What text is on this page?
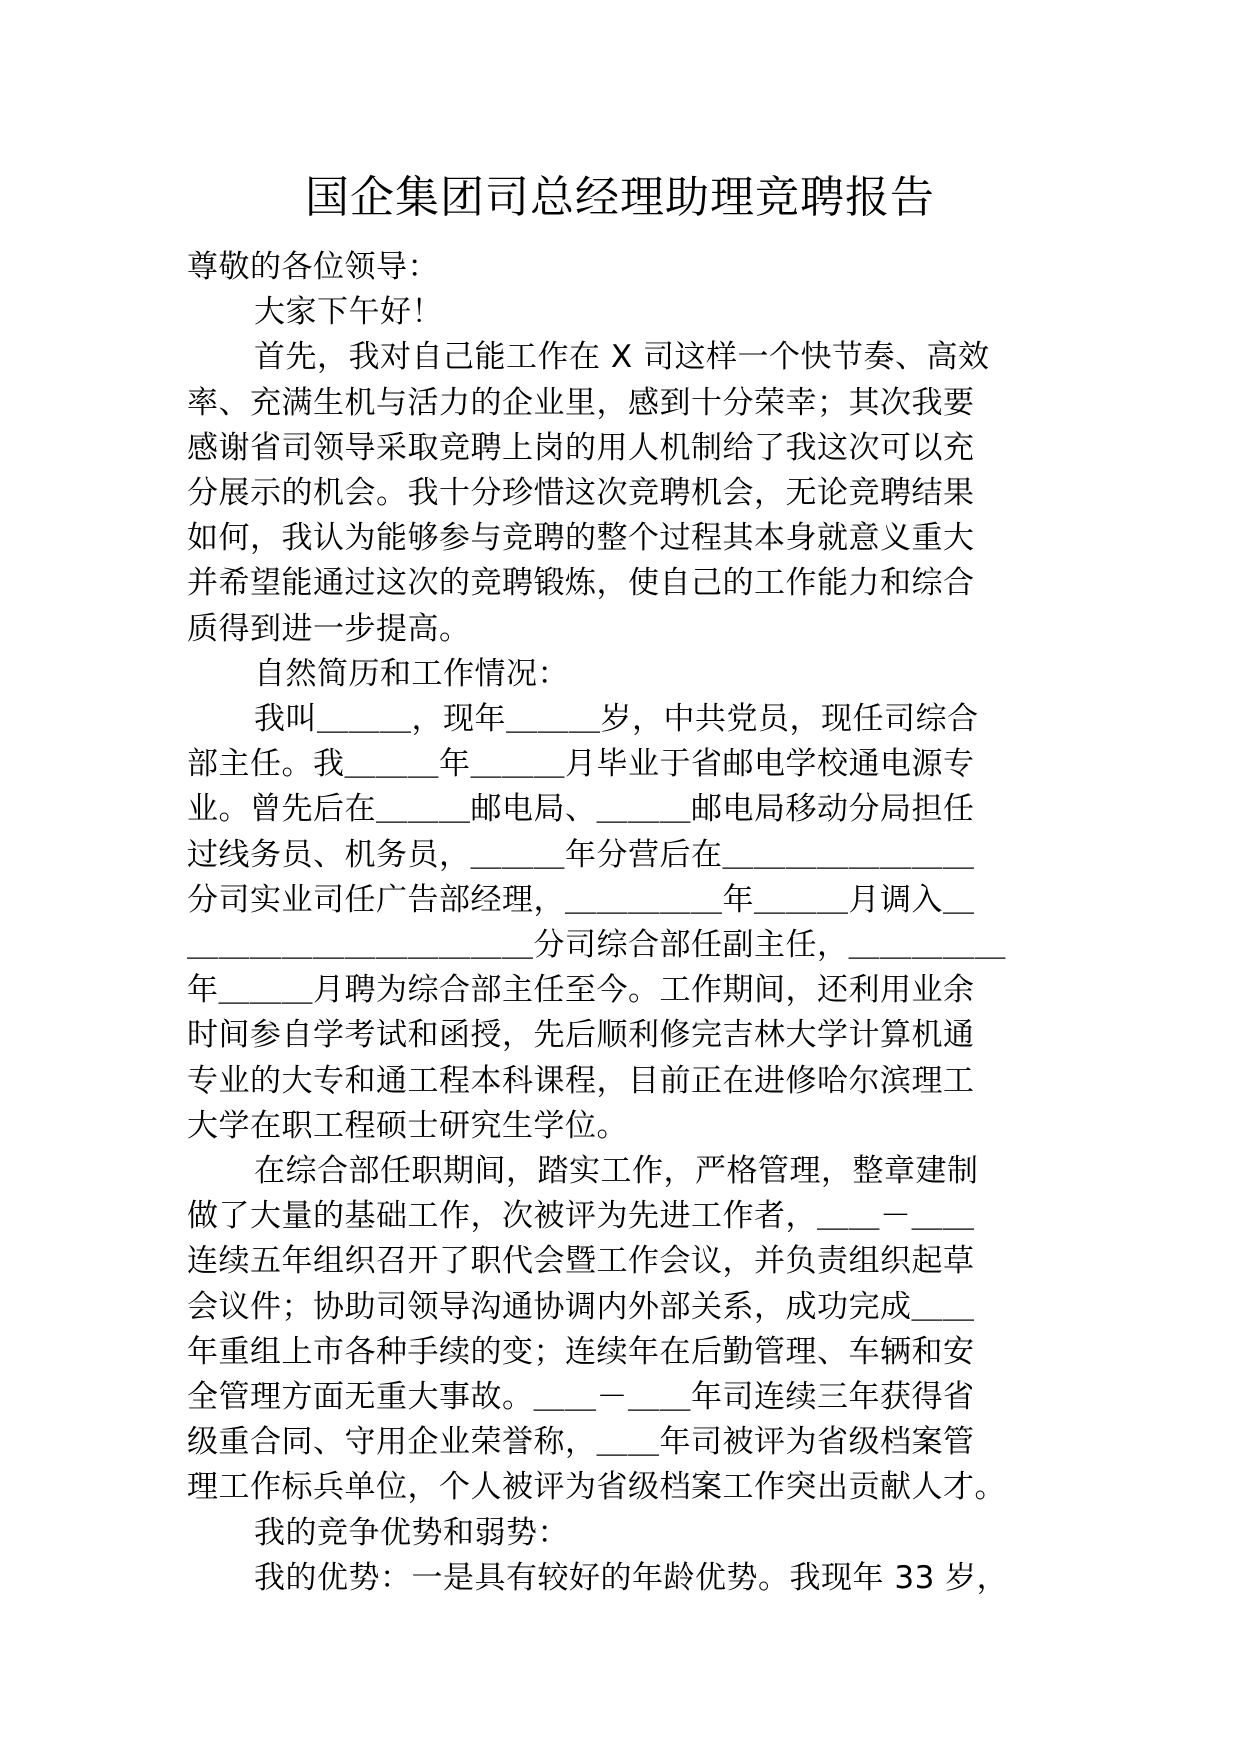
国企集团司总经理助理竞聘报告
尊敬的各位领导：
大家下午好！
首先，我对自己能工作在 X 司这样一个快节奏、高效
率、充满生机与活力的企业里，感到十分荣幸；其次我要
感谢省司领导采取竞聘上岗的用人机制给了我这次可以充
分展示的机会。我十分珍惜这次竞聘机会，无论竞聘结果
如何，我认为能够参与竞聘的整个过程其本身就意义重大
并希望能通过这次的竞聘锻炼，使自己的工作能力和综合
质得到进一步提高。
自然简历和工作情况：
我叫＿＿＿，现年＿＿＿岁，中共党员，现任司综合
部主任。我＿＿＿年＿＿＿月毕业于省邮电学校通电源专
业。曾先后在＿＿＿邮电局、＿＿＿邮电局移动分局担任
过线务员、机务员，＿＿＿年分营后在＿＿＿＿＿＿＿＿
分司实业司任广告部经理，＿＿＿＿＿年＿＿＿月调入＿
＿＿＿＿＿＿＿＿＿＿＿分司综合部任副主任，＿＿＿＿＿
年＿＿＿月聘为综合部主任至今。工作期间，还利用业余
时间参自学考试和函授，先后顺利修完吉林大学计算机通
专业的大专和通工程本科课程，目前正在进修哈尔滨理工
大学在职工程硕士研究生学位。
在综合部任职期间，踏实工作，严格管理，整章建制
做了大量的基础工作，次被评为先进工作者，＿＿－＿＿
连续五年组织召开了职代会暨工作会议，并负责组织起草
会议件；协助司领导沟通协调内外部关系，成功完成＿＿
年重组上市各种手续的变；连续年在后勤管理、车辆和安
全管理方面无重大事故。＿＿－＿＿年司连续三年获得省
级重合同、守用企业荣誉称，＿＿年司被评为省级档案管
理工作标兵单位，个人被评为省级档案工作突出贡献人才。
我的竞争优势和弱势：
我的优势：一是具有较好的年龄优势。我现年 33 岁，
